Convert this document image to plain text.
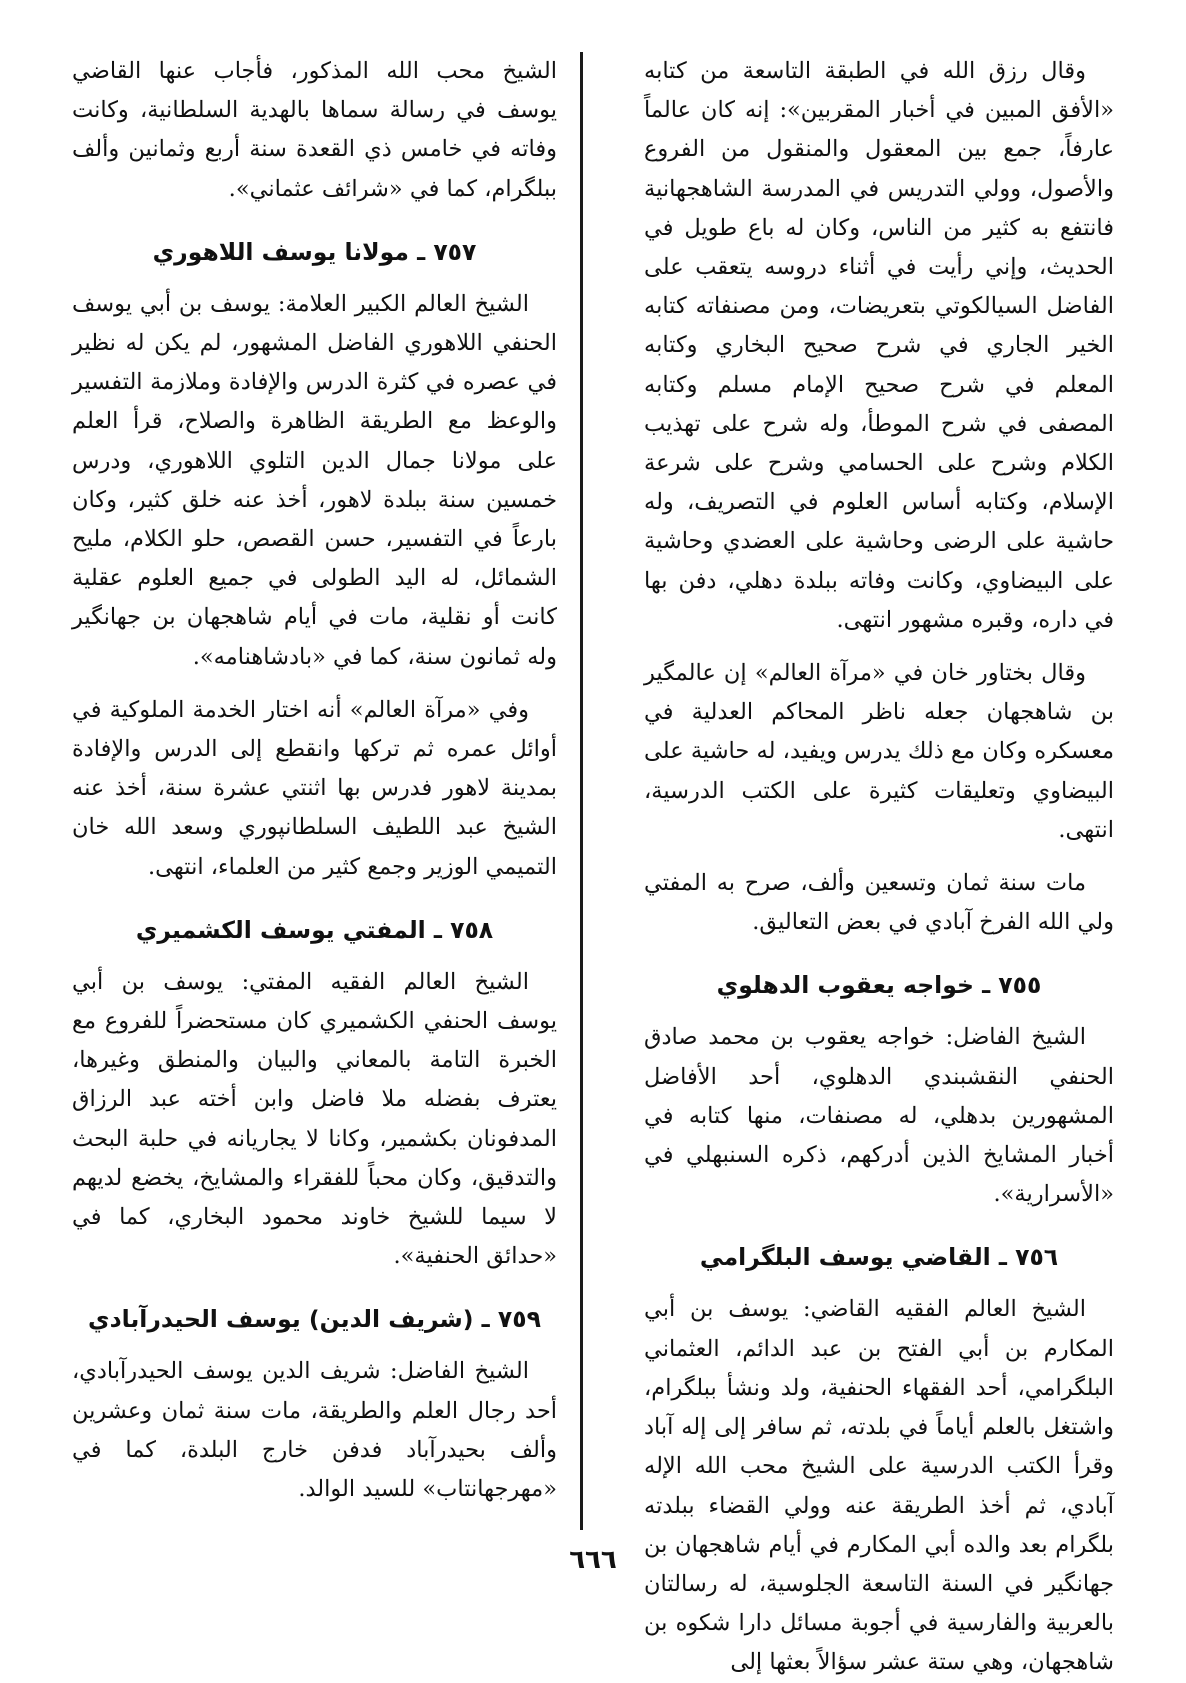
وقال رزق الله في الطبقة التاسعة من كتابه «الأفق المبين في أخبار المقربين»: إنه كان عالماً عارفاً، جمع بين المعقول والمنقول من الفروع والأصول، وولي التدريس في المدرسة الشاهجهانية فانتفع به كثير من الناس، وكان له باع طويل في الحديث، وإني رأيت في أثناء دروسه يتعقب على الفاضل السيالكوتي بتعريضات، ومن مصنفاته كتابه الخير الجاري في شرح صحيح البخاري وكتابه المعلم في شرح صحيح الإمام مسلم وكتابه المصفى في شرح الموطأ، وله شرح على تهذيب الكلام وشرح على الحسامي وشرح على شرعة الإسلام، وكتابه أساس العلوم في التصريف، وله حاشية على الرضى وحاشية على العضدي وحاشية على البيضاوي، وكانت وفاته ببلدة دهلي، دفن بها في داره، وقبره مشهور انتهى.

وقال بختاور خان في «مرآة العالم» إن عالمگير بن شاهجهان جعله ناظر المحاكم العدلية في معسكره وكان مع ذلك يدرس ويفيد، له حاشية على البيضاوي وتعليقات كثيرة على الكتب الدرسية، انتهى.

مات سنة ثمان وتسعين وألف، صرح به المفتي ولي الله الفرخ آبادي في بعض التعاليق.

٧٥٥ ـ خواجه يعقوب الدهلوي

الشيخ الفاضل: خواجه يعقوب بن محمد صادق الحنفي النقشبندي الدهلوي، أحد الأفاضل المشهورين بدهلي، له مصنفات، منها كتابه في أخبار المشايخ الذين أدركهم، ذكره السنبهلي في «الأسرارية».

٧٥٦ ـ القاضي يوسف البلگرامي

الشيخ العالم الفقيه القاضي: يوسف بن أبي المكارم بن أبي الفتح بن عبد الدائم، العثماني البلگرامي، أحد الفقهاء الحنفية، ولد ونشأ ببلگرام، واشتغل بالعلم أياماً في بلدته، ثم سافر إلى إله آباد وقرأ الكتب الدرسية على الشيخ محب الله الإله آبادي، ثم أخذ الطريقة عنه وولي القضاء ببلدته بلگرام بعد والده أبي المكارم في أيام شاهجهان بن جهانگير في السنة التاسعة الجلوسية، له رسالتان بالعربية والفارسية في أجوبة مسائل دارا شكوه بن شاهجهان، وهي ستة عشر سؤالاً بعثها إلى

الشيخ محب الله المذكور، فأجاب عنها القاضي يوسف في رسالة سماها بالهدية السلطانية، وكانت وفاته في خامس ذي القعدة سنة أربع وثمانين وألف ببلگرام، كما في «شرائف عثماني».

٧٥٧ ـ مولانا يوسف اللاهوري

الشيخ العالم الكبير العلامة: يوسف بن أبي يوسف الحنفي اللاهوري الفاضل المشهور، لم يكن له نظير في عصره في كثرة الدرس والإفادة وملازمة التفسير والوعظ مع الطريقة الظاهرة والصلاح، قرأ العلم على مولانا جمال الدين التلوي اللاهوري، ودرس خمسين سنة ببلدة لاهور، أخذ عنه خلق كثير، وكان بارعاً في التفسير، حسن القصص، حلو الكلام، مليح الشمائل، له اليد الطولى في جميع العلوم عقلية كانت أو نقلية، مات في أيام شاهجهان بن جهانگير وله ثمانون سنة، كما في «بادشاهنامه».

وفي «مرآة العالم» أنه اختار الخدمة الملوكية في أوائل عمره ثم تركها وانقطع إلى الدرس والإفادة بمدينة لاهور فدرس بها اثنتي عشرة سنة، أخذ عنه الشيخ عبد اللطيف السلطانپوري وسعد الله خان التميمي الوزير وجمع كثير من العلماء، انتهى.

٧٥٨ ـ المفتي يوسف الكشميري

الشيخ العالم الفقيه المفتي: يوسف بن أبي يوسف الحنفي الكشميري كان مستحضراً للفروع مع الخبرة التامة بالمعاني والبيان والمنطق وغيرها، يعترف بفضله ملا فاضل وابن أخته عبد الرزاق المدفونان بكشمير، وكانا لا يجاريانه في حلبة البحث والتدقيق، وكان محباً للفقراء والمشايخ، يخضع لديهم لا سيما للشيخ خاوند محمود البخاري، كما في «حدائق الحنفية».

٧٥٩ ـ (شريف الدين) يوسف الحيدرآبادي

الشيخ الفاضل: شريف الدين يوسف الحيدرآبادي، أحد رجال العلم والطريقة، مات سنة ثمان وعشرين وألف بحيدرآباد فدفن خارج البلدة، كما في «مهرجهانتاب» للسيد الوالد.

٦٦٦
